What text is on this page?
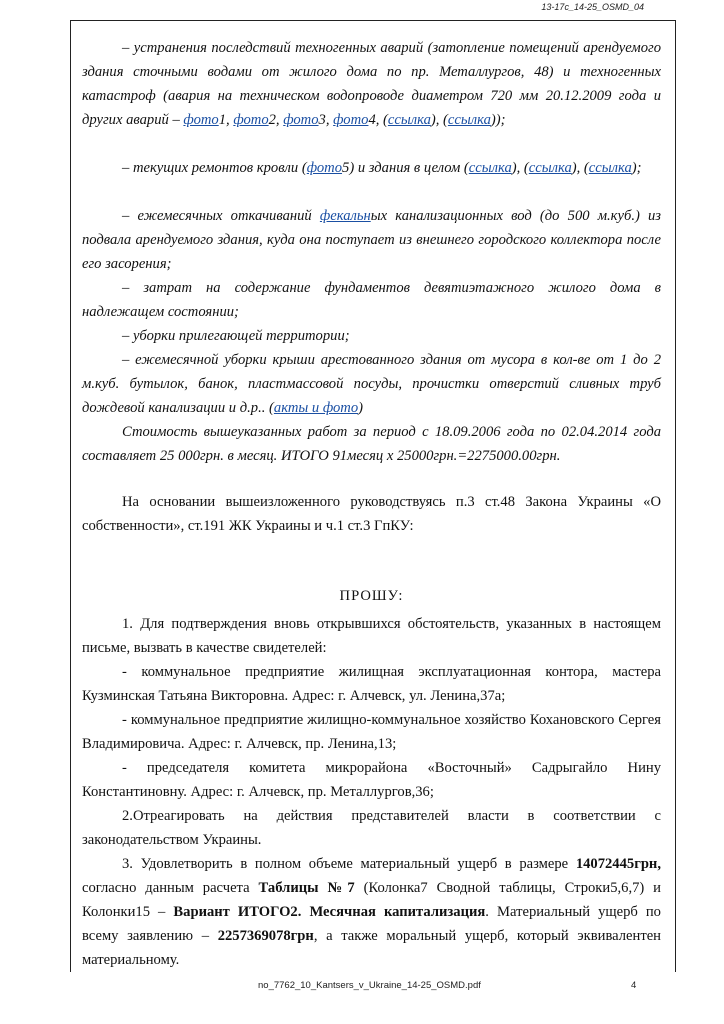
13-17c_14-25_OSMD_04

– устранения последствий техногенных аварий (затопление помещений арендуемого здания сточными водами от жилого дома по пр. Металлургов, 48) и техногенных катастроф (авария на техническом водопроводе диаметром 720 мм 20.12.2009 года и других аварий – фото1, фото2, фото3, фото4, (ссылка), (ссылка));

– текущих ремонтов кровли (фото5) и здания в целом (ссылка), (ссылка), (ссылка);

– ежемесячных откачиваний фекальных канализационных вод (до 500 м.куб.) из подвала арендуемого здания, куда она поступает из внешнего городского коллектора после его засорения;

– затрат на содержание фундаментов девятиэтажного жилого дома в надлежащем состоянии;

– уборки прилегающей территории;

– ежемесячной уборки крыши арестованного здания от мусора в кол-ве от 1 до 2 м.куб. бутылок, банок, пластмассовой посуды, прочистки отверстий сливных труб дождевой канализации и д.р.. (акты и фото)

Стоимость вышеуказанных работ за период с 18.09.2006 года по 02.04.2014 года составляет 25 000грн. в месяц. ИТОГО 91месяц х 25000грн.=2275000.00грн.

На основании вышеизложенного руководствуясь п.3 ст.48 Закона Украины «О собственности», ст.191 ЖК Украины и ч.1 ст.3 ГпКУ:

ПРОШУ:

1. Для подтверждения вновь открывшихся обстоятельств, указанных в настоящем письме, вызвать в качестве свидетелей:

- коммунальное предприятие жилищная эксплуатационная контора, мастера Кузминская Татьяна Викторовна. Адрес: г. Алчевск, ул. Ленина,37а;

- коммунальное предприятие жилищно-коммунальное хозяйство Кохановского Сергея Владимировича. Адрес: г. Алчевск, пр. Ленина,13;

- председателя комитета микрорайона «Восточный» Садрыгайло Нину Константиновну. Адрес: г. Алчевск, пр. Металлургов,36;

2.Отреагировать на действия представителей власти в соответствии с законодательством Украины.

3. Удовлетворить в полном объеме материальный ущерб в размере 14072445грн, согласно данным расчета Таблицы №7 (Колонка7 Сводной таблицы, Строки5,6,7) и Колонки15 – Вариант ИТОГО2. Месячная капитализация. Материальный ущерб по всему заявлению – 2257369078грн, а также моральный ущерб, который эквивалентен материальному.

no_7762_10_Kantsers_v_Ukraine_14-25_OSMD.pdf	4
